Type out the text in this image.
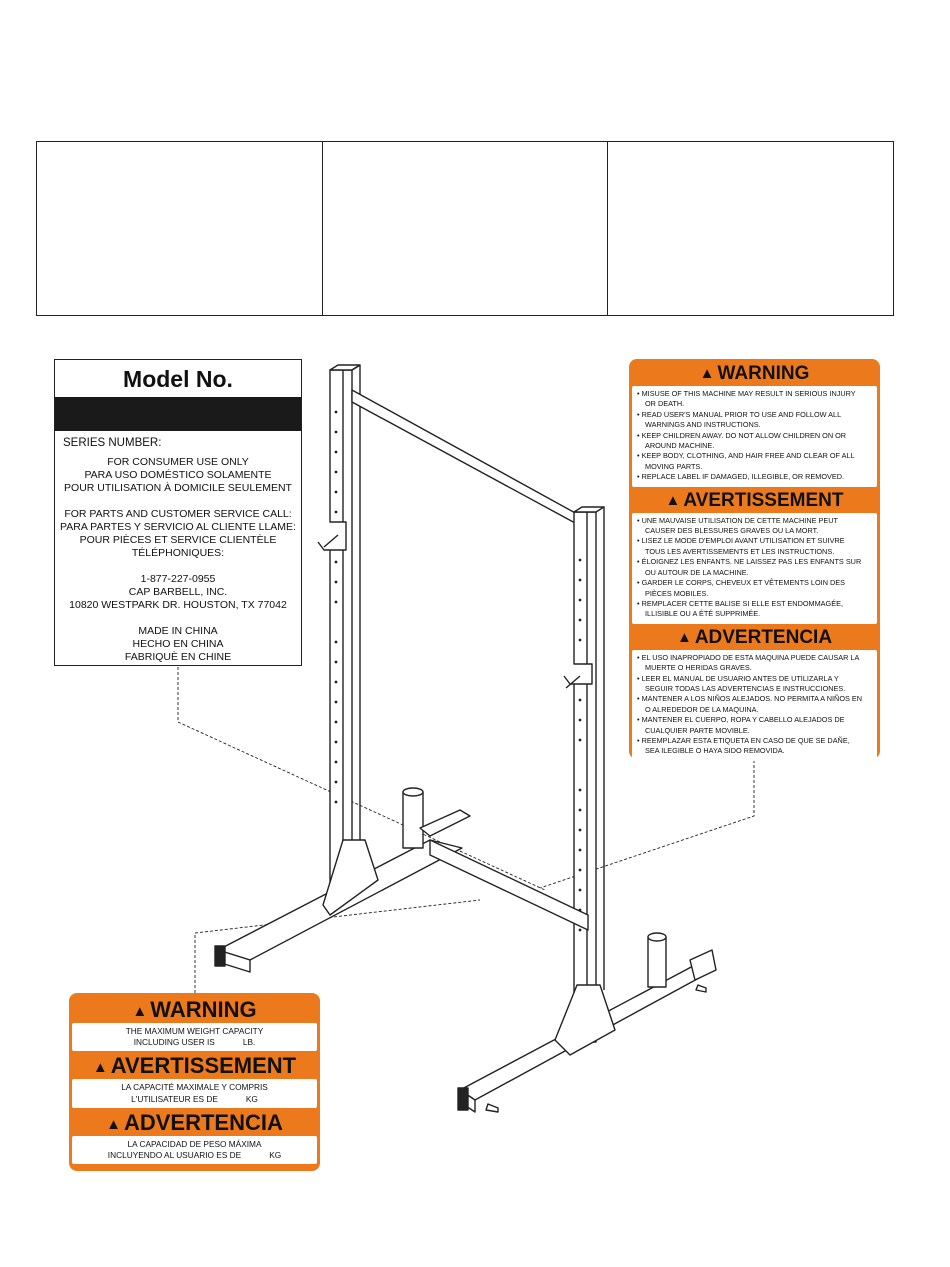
Model No.
SERIES NUMBER:
FOR CONSUMER USE ONLY
PARA USO DOMÉSTICO SOLAMENTE
POUR UTILISATION À DOMICILE SEULEMENT
FOR PARTS AND CUSTOMER SERVICE CALL:
PARA PARTES Y SERVICIO AL CLIENTE LLAME:
POUR PIÈCES ET SERVICE CLIENTÈLE
TÉLÉPHONIQUES:
1-877-227-0955
CAP BARBELL, INC.
10820 WESTPARK DR. HOUSTON, TX 77042
MADE IN CHINA
HECHO EN CHINA
FABRIQUÈ EN CHINE
▲ WARNING
• MISUSE OF THIS MACHINE MAY RESULT IN SERIOUS INJURY
OR DEATH.
• READ USER'S MANUAL PRIOR TO USE AND FOLLOW ALL
WARNINGS AND INSTRUCTIONS.
• KEEP CHILDREN AWAY. DO NOT ALLOW CHILDREN ON OR
AROUND MACHINE.
• KEEP BODY, CLOTHING, AND HAIR FREE AND CLEAR OF ALL
MOVING PARTS.
• REPLACE LABEL IF DAMAGED, ILLEGIBLE, OR REMOVED.
▲ AVERTISSEMENT
• UNE MAUVAISE UTILISATION DE CETTE MACHINE PEUT
CAUSER DES BLESSURES GRAVES OU LA MORT.
• LISEZ LE MODE D'EMPLOI AVANT UTILISATION ET SUIVRE
TOUS LES AVERTISSEMENTS ET LES INSTRUCTIONS.
• ÉLOIGNEZ LES ENFANTS. NE LAISSEZ PAS LES ENFANTS SUR
OU AUTOUR DE LA MACHINE.
• GARDER LE CORPS, CHEVEUX ET VÊTEMENTS LOIN DES
PIÈCES MOBILES.
• REMPLACER CETTE BALISE SI ELLE EST ENDOMMAGÉE,
ILLISIBLE OU A ÉTÉ SUPPRIMÉE.
▲ ADVERTENCIA
• EL USO INAPROPIADO DE ESTA MAQUINA PUEDE CAUSAR LA
MUERTE O HERIDAS GRAVES.
• LEER EL MANUAL DE USUARIO ANTES DE UTILIZARLA Y
SEGUIR TODAS LAS ADVERTENCIAS E INSTRUCCIONES.
• MANTENER A LOS NIÑOS ALEJADOS. NO PERMITA A NIÑOS EN
O ALREDEDOR DE LA MAQUINA.
• MANTENER EL CUERPO, ROPA Y CABELLO ALEJADOS DE
CUALQUIER PARTE MOVIBLE.
• REEMPLAZAR ESTA ETIQUETA EN CASO DE QUE SE DAÑE,
SEA ILEGIBLE O HAYA SIDO REMOVIDA.
▲ WARNING
THE MAXIMUM WEIGHT CAPACITY
INCLUDING USER IS	LB.
▲ AVERTISSEMENT
LA CAPACITÉ MAXIMALE Y COMPRIS
L'UTILISATEUR ES DE	KG
▲ ADVERTENCIA
LA CAPACIDAD DE PESO MÁXIMA
INCLUYENDO AL USUARIO ES DE	KG
